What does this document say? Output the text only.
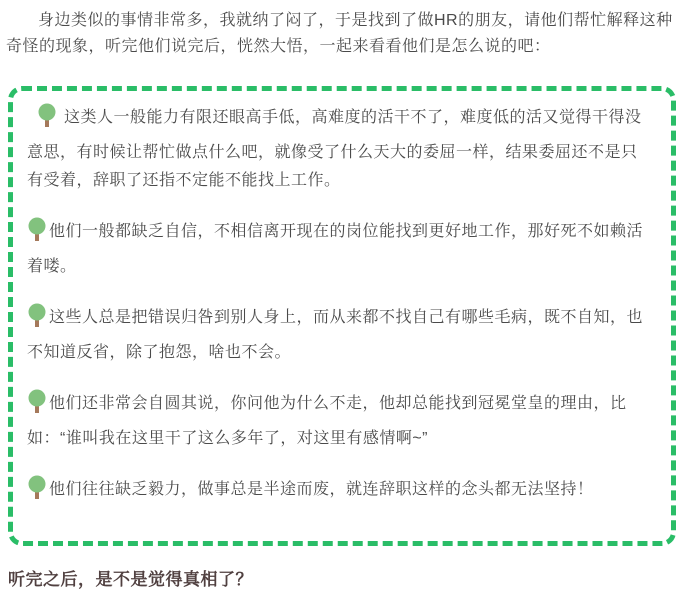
身边类似的事情非常多，我就纳了闷了，于是找到了做HR的朋友，请他们帮忙解释这种奇怪的现象，听完他们说完后，恍然大悟，一起来看看他们是怎么说的吧：

这类人一般能力有限还眼高手低，高难度的活干不了，难度低的活又觉得干得没意思，有时候让帮忙做点什么吧，就像受了什么天大的委屈一样，结果委屈还不是只有受着，辞职了还指不定能不能找上工作。

他们一般都缺乏自信，不相信离开现在的岗位能找到更好地工作，那好死不如赖活着喽。

这些人总是把错误归咎到别人身上，而从来都不找自己有哪些毛病，既不自知，也不知道反省，除了抱怨，啥也不会。

他们还非常会自圆其说，你问他为什么不走，他却总能找到冠冕堂皇的理由，比如：“谁叫我在这里干了这么多年了，对这里有感情啊~”

他们往往缺乏毅力，做事总是半途而废，就连辞职这样的念头都无法坚持！

听完之后，是不是觉得真相了？
